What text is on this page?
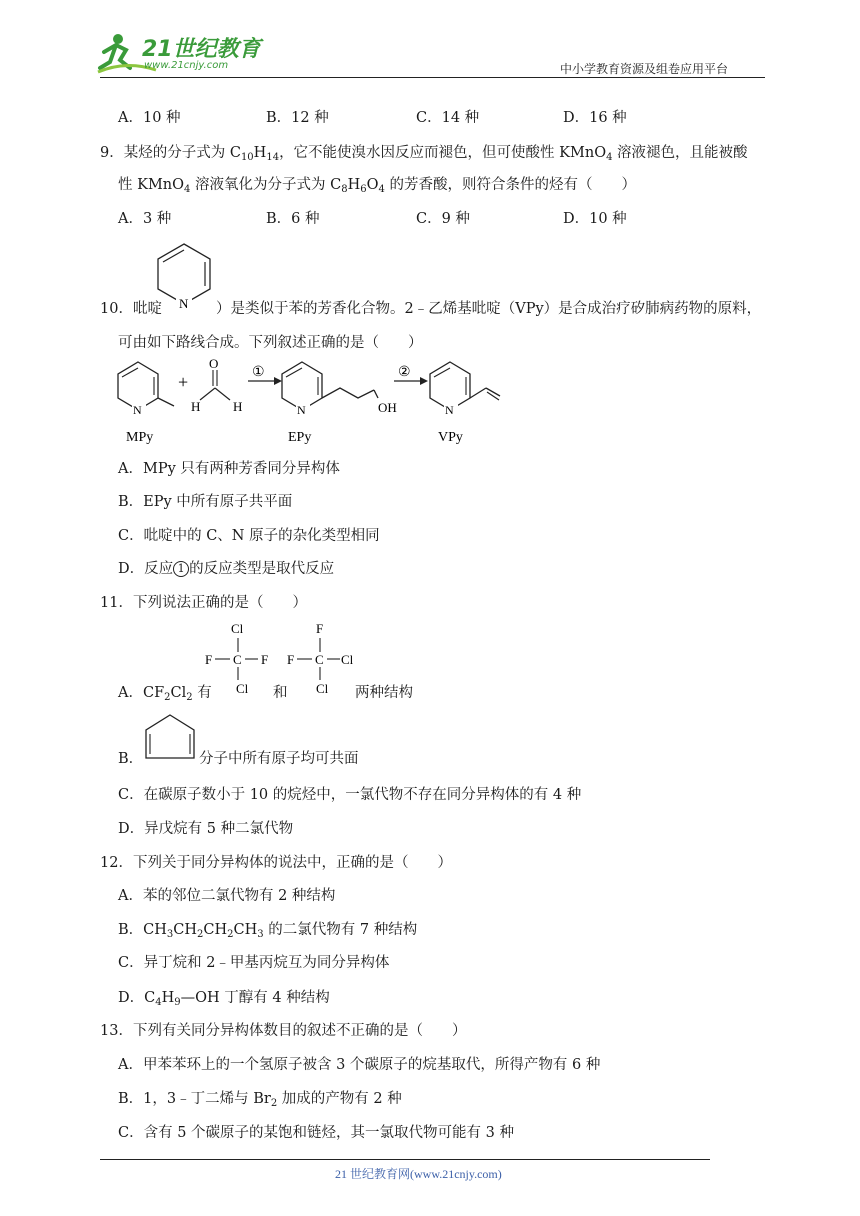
21世纪教育
www.21cnjy.com	中小学教育资源及组卷应用平台
A．10 种	B．12 种	C．14 种	D．16 种
9．某烃的分子式为 $C_{10}H_{14}$，它不能使溴水因反应而褪色，但可使酸性 KMnO$_4$ 溶液褪色，且能被酸
性 KMnO$_4$ 溶液氧化为分子式为 $C_8H_6O_4$ 的芳香酸，则符合条件的烃有（　　）
A．3 种	B．6 种	C．9 种	D．10 种
10．吡啶 N ）是类似于苯的芳香化合物。2﹣乙烯基吡啶（VPy）是合成治疗矽肺病药物的原料，
可由如下路线合成。下列叙述正确的是（　　）
N
+
H	H
O
①
N	OH
②
N
MPy	EPy	VPy
A．MPy 只有两种芳香同分异构体
B．EPy 中所有原子共平面
C．吡啶中的 C、N 原子的杂化类型相同
D．反应 1 的反应类型是取代反应
11．下列说法正确的是（　　）
A．$CF_2Cl_2$ 有
Cl
F C F
Cl
F
F C Cl
Cl
和	两种结构
B．	分子中所有原子均可共面
C．在碳原子数小于 10 的烷烃中，一氯代物不存在同分异构体的有 4 种
D．异戊烷有 5 种二氯代物
12．下列关于同分异构体的说法中，正确的是（　　）
A．苯的邻位二氯代物有 2 种结构
B．$CH_3CH_2CH_2CH_3$ 的二氯代物有 7 种结构
C．异丁烷和 2﹣甲基丙烷互为同分异构体
D．$C_4H_9—OH$ 丁醇有 4 种结构
13．下列有关同分异构体数目的叙述不正确的是（　　）
A．甲苯苯环上的一个氢原子被含 3 个碳原子的烷基取代，所得产物有 6 种
B．1，3﹣丁二烯与 $Br_2$ 加成的产物有 2 种
C．含有 5 个碳原子的某饱和链烃，其一氯取代物可能有 3 种
21 世纪教育网(www.21cnjy.com)
